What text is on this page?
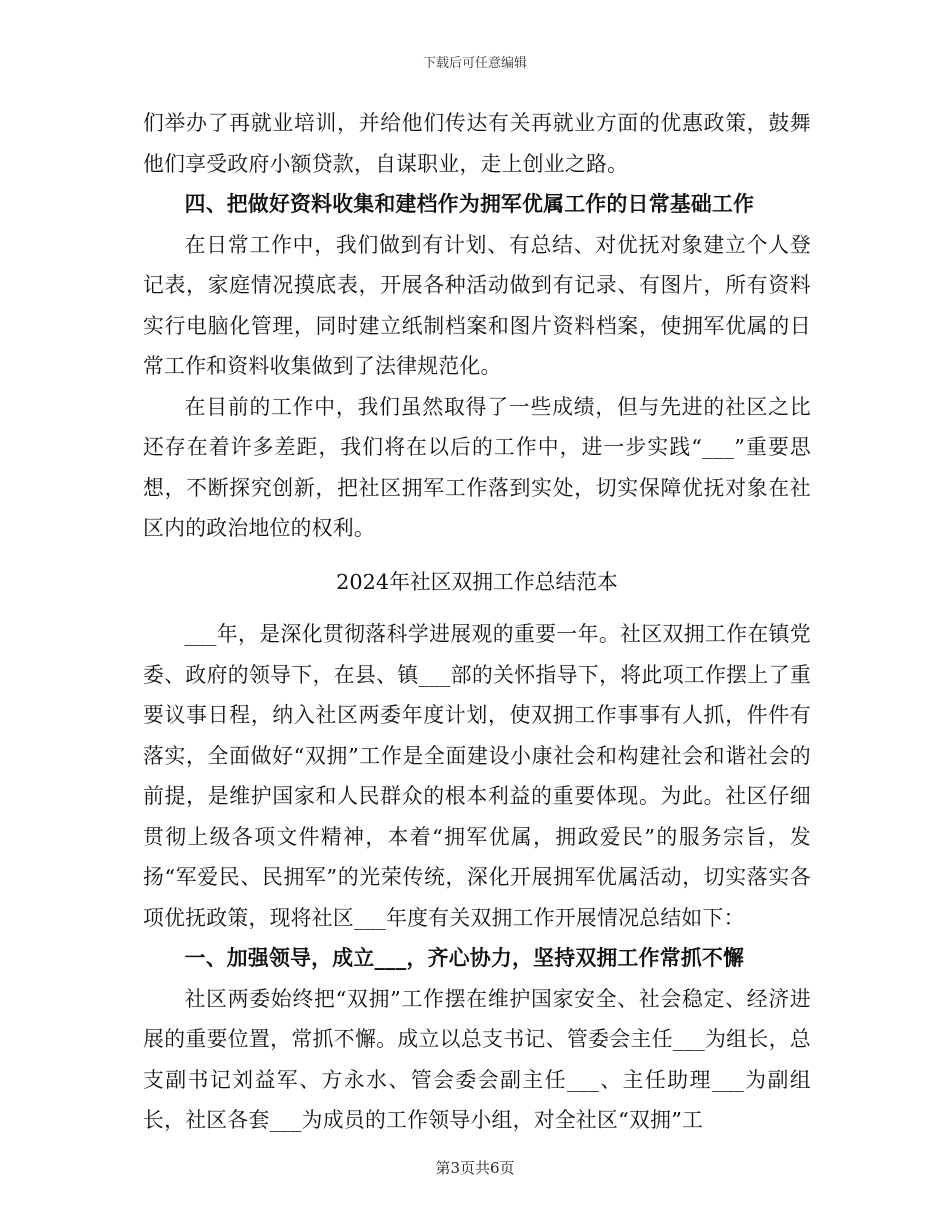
下载后可任意编辑

们举办了再就业培训，并给他们传达有关再就业方面的优惠政策，鼓舞他们享受政府小额贷款，自谋职业，走上创业之路。

四、把做好资料收集和建档作为拥军优属工作的日常基础工作

在日常工作中，我们做到有计划、有总结、对优抚对象建立个人登记表，家庭情况摸底表，开展各种活动做到有记录、有图片，所有资料实行电脑化管理，同时建立纸制档案和图片资料档案，使拥军优属的日常工作和资料收集做到了法律规范化。

在目前的工作中，我们虽然取得了一些成绩，但与先进的社区之比还存在着许多差距，我们将在以后的工作中，进一步实践“___”重要思想，不断探究创新，把社区拥军工作落到实处，切实保障优抚对象在社区内的政治地位的权利。

2024年社区双拥工作总结范本

___年，是深化贯彻落科学进展观的重要一年。社区双拥工作在镇党委、政府的领导下，在县、镇___部的关怀指导下，将此项工作摆上了重要议事日程，纳入社区两委年度计划，使双拥工作事事有人抓，件件有落实，全面做好“双拥”工作是全面建设小康社会和构建社会和谐社会的前提，是维护国家和人民群众的根本利益的重要体现。为此。社区仔细贯彻上级各项文件精神，本着“拥军优属，拥政爱民”的服务宗旨，发扬“军爱民、民拥军”的光荣传统，深化开展拥军优属活动，切实落实各项优抚政策，现将社区___年度有关双拥工作开展情况总结如下：

一、加强领导，成立___，齐心协力，坚持双拥工作常抓不懈

社区两委始终把“双拥”工作摆在维护国家安全、社会稳定、经济进展的重要位置，常抓不懈。成立以总支书记、管委会主任___为组长，总支副书记刘益军、方永水、管会委会副主任___、主任助理___为副组长，社区各套___为成员的工作领导小组，对全社区“双拥”工

第3页共6页
